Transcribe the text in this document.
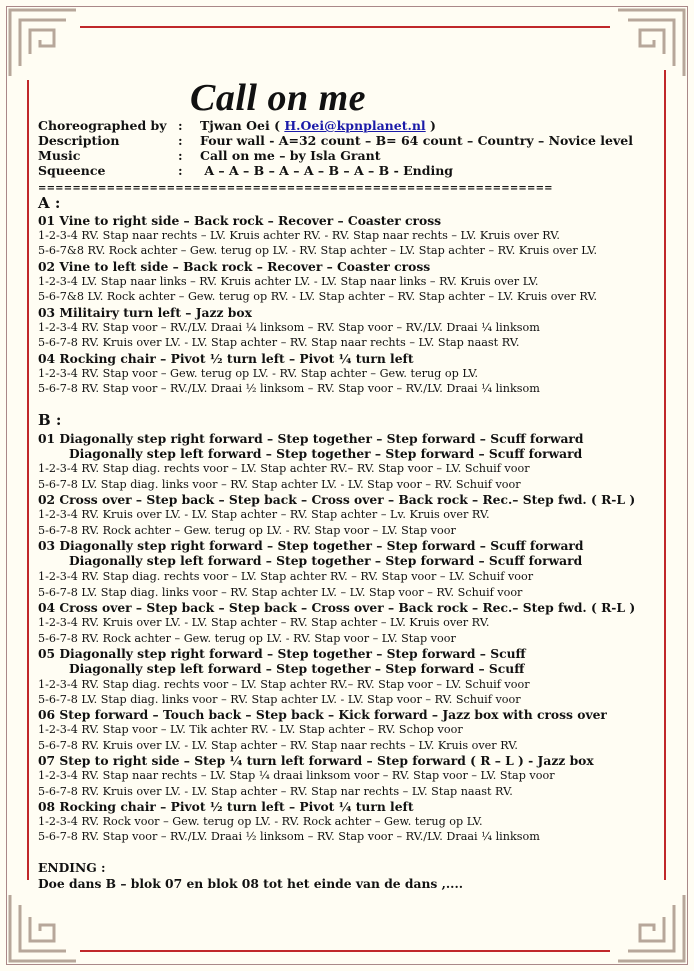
Call on me
Choreographed by : Tjwan Oei ( H.Oei@kpnplanet.nl )
Description	: Four wall - A=32 count – B= 64 count – Country – Novice level
Music	: Call on me – by Isla Grant
Squeence	: A – A – B – A – A – B – A – B - Ending
============================================================
A :
01 Vine to right side – Back rock – Recover – Coaster cross
1-2-3-4 RV. Stap naar rechts – LV. Kruis achter RV. - RV. Stap naar rechts – LV. Kruis over RV.
5-6-7&8 RV. Rock achter – Gew. terug op LV. - RV. Stap achter – LV. Stap achter – RV. Kruis over LV.
02 Vine to left side – Back rock – Recover – Coaster cross
1-2-3-4 LV. Stap naar links – RV. Kruis achter LV. - LV. Stap naar links – RV. Kruis over LV.
5-6-7&8 LV. Rock achter – Gew. terug op RV. - LV. Stap achter – RV. Stap achter – LV. Kruis over RV.
03 Militairy turn left – Jazz box
1-2-3-4 RV. Stap voor – RV./LV. Draai ¼ linksom – RV. Stap voor – RV./LV. Draai ¼ linksom
5-6-7-8 RV. Kruis over LV. - LV. Stap achter – RV. Stap naar rechts – LV. Stap naast RV.
04 Rocking chair – Pivot ½ turn left – Pivot ¼ turn left
1-2-3-4 RV. Stap voor – Gew. terug op LV. - RV. Stap achter – Gew. terug op LV.
5-6-7-8 RV. Stap voor – RV./LV. Draai ½ linksom – RV. Stap voor – RV./LV. Draai ¼ linksom
B :
01 Diagonally step right forward – Step together – Step forward – Scuff forward
Diagonally step left forward – Step together – Step forward – Scuff forward
1-2-3-4 RV. Stap diag. rechts voor – LV. Stap achter RV.– RV. Stap voor – LV. Schuif voor
5-6-7-8 LV. Stap diag. links voor – RV. Stap achter LV. - LV. Stap voor – RV. Schuif voor
02 Cross over – Step back – Step back – Cross over – Back rock – Rec.– Step fwd. ( R-L )
1-2-3-4 RV. Kruis over LV. - LV. Stap achter – RV. Stap achter – Lv. Kruis over RV.
5-6-7-8 RV. Rock achter – Gew. terug op LV. - RV. Stap voor – LV. Stap voor
03 Diagonally step right forward – Step together – Step forward – Scuff forward
Diagonally step left forward – Step together – Step forward – Scuff forward
1-2-3-4 RV. Stap diag. rechts voor – LV. Stap achter RV. – RV. Stap voor – LV. Schuif voor
5-6-7-8 LV. Stap diag. links voor – RV. Stap achter LV. – LV. Stap voor – RV. Schuif voor
04 Cross over – Step back – Step back – Cross over – Back rock – Rec.– Step fwd. ( R-L )
1-2-3-4 RV. Kruis over LV. - LV. Stap achter – RV. Stap achter – LV. Kruis over RV.
5-6-7-8 RV. Rock achter – Gew. terug op LV. - RV. Stap voor – LV. Stap voor
05 Diagonally step right forward – Step together – Step forward – Scuff
Diagonally step left forward – Step together – Step forward – Scuff
1-2-3-4 RV. Stap diag. rechts voor – LV. Stap achter RV.– RV. Stap voor – LV. Schuif voor
5-6-7-8 LV. Stap diag. links voor – RV. Stap achter LV. - LV. Stap voor – RV. Schuif voor
06 Step forward – Touch back – Step back – Kick forward – Jazz box with cross over
1-2-3-4 RV. Stap voor – LV. Tik achter RV. - LV. Stap achter – RV. Schop voor
5-6-7-8 RV. Kruis over LV. - LV. Stap achter – RV. Stap naar rechts – LV. Kruis over RV.
07 Step to right side – Step ¼ turn left forward – Step forward ( R – L ) - Jazz box
1-2-3-4 RV. Stap naar rechts – LV. Stap ¼ draai linksom voor – RV. Stap voor – LV. Stap voor
5-6-7-8 RV. Kruis over LV. - LV. Stap achter – RV. Stap nar rechts – LV. Stap naast RV.
08 Rocking chair – Pivot ½ turn left – Pivot ¼ turn left
1-2-3-4 RV. Rock voor – Gew. terug op LV. - RV. Rock achter – Gew. terug op LV.
5-6-7-8 RV. Stap voor – RV./LV. Draai ½ linksom – RV. Stap voor – RV./LV. Draai ¼ linksom
ENDING :
Doe dans B – blok 07 en blok 08 tot het einde van de dans ,....
